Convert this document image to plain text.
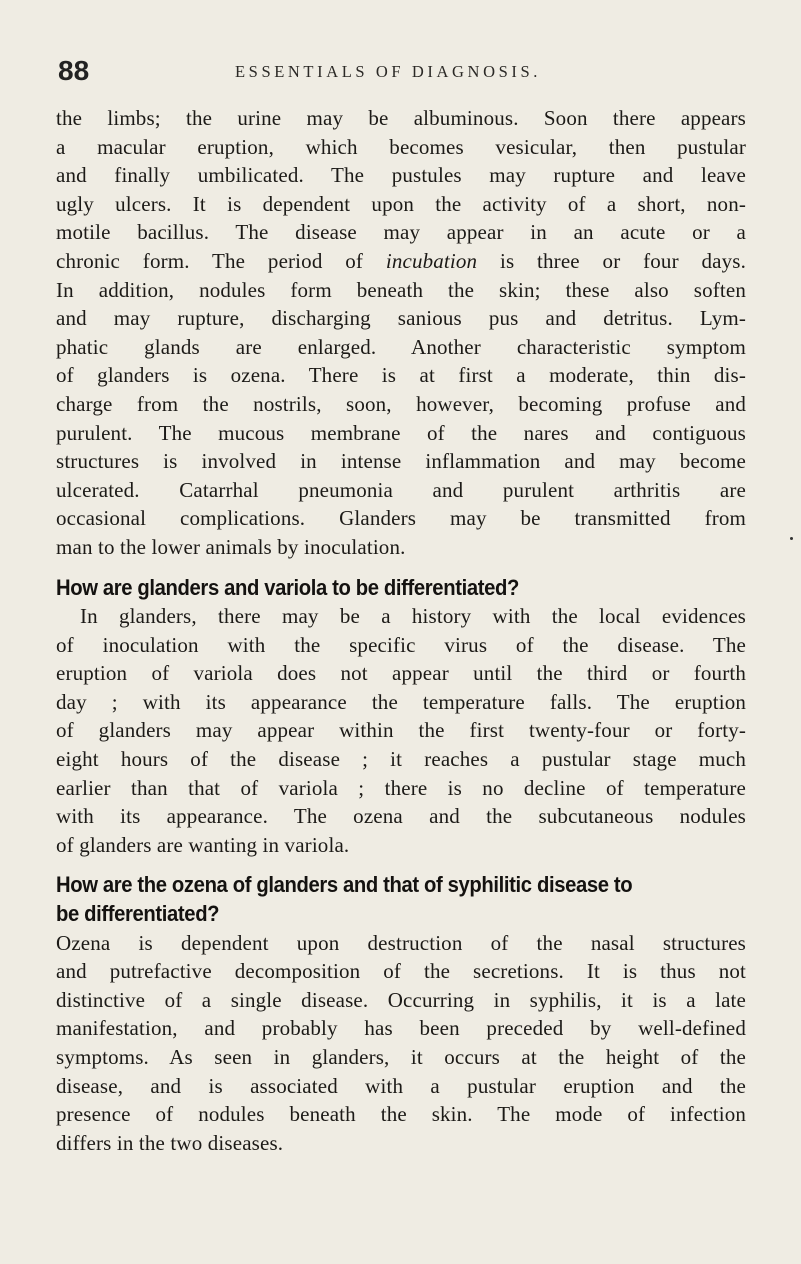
88	ESSENTIALS OF DIAGNOSIS.

the limbs; the urine may be albuminous. Soon there appears
a macular eruption, which becomes vesicular, then pustular
and finally umbilicated. The pustules may rupture and leave
ugly ulcers. It is dependent upon the activity of a short, non-
motile bacillus. The disease may appear in an acute or a
chronic form. The period of incubation is three or four days.
In addition, nodules form beneath the skin; these also soften
and may rupture, discharging sanious pus and detritus. Lym-
phatic glands are enlarged. Another characteristic symptom
of glanders is ozena. There is at first a moderate, thin dis-
charge from the nostrils, soon, however, becoming profuse and
purulent. The mucous membrane of the nares and contiguous
structures is involved in intense inflammation and may become
ulcerated. Catarrhal pneumonia and purulent arthritis are
occasional complications. Glanders may be transmitted from
man to the lower animals by inoculation.

How are glanders and variola to be differentiated?

In glanders, there may be a history with the local evidences
of inoculation with the specific virus of the disease. The
eruption of variola does not appear until the third or fourth
day ; with its appearance the temperature falls. The eruption
of glanders may appear within the first twenty-four or forty-
eight hours of the disease ; it reaches a pustular stage much
earlier than that of variola ; there is no decline of temperature
with its appearance. The ozena and the subcutaneous nodules
of glanders are wanting in variola.

How are the ozena of glanders and that of syphilitic disease to
be differentiated?

Ozena is dependent upon destruction of the nasal structures
and putrefactive decomposition of the secretions. It is thus not
distinctive of a single disease. Occurring in syphilis, it is a late
manifestation, and probably has been preceded by well-defined
symptoms. As seen in glanders, it occurs at the height of the
disease, and is associated with a pustular eruption and the
presence of nodules beneath the skin. The mode of infection
differs in the two diseases.
